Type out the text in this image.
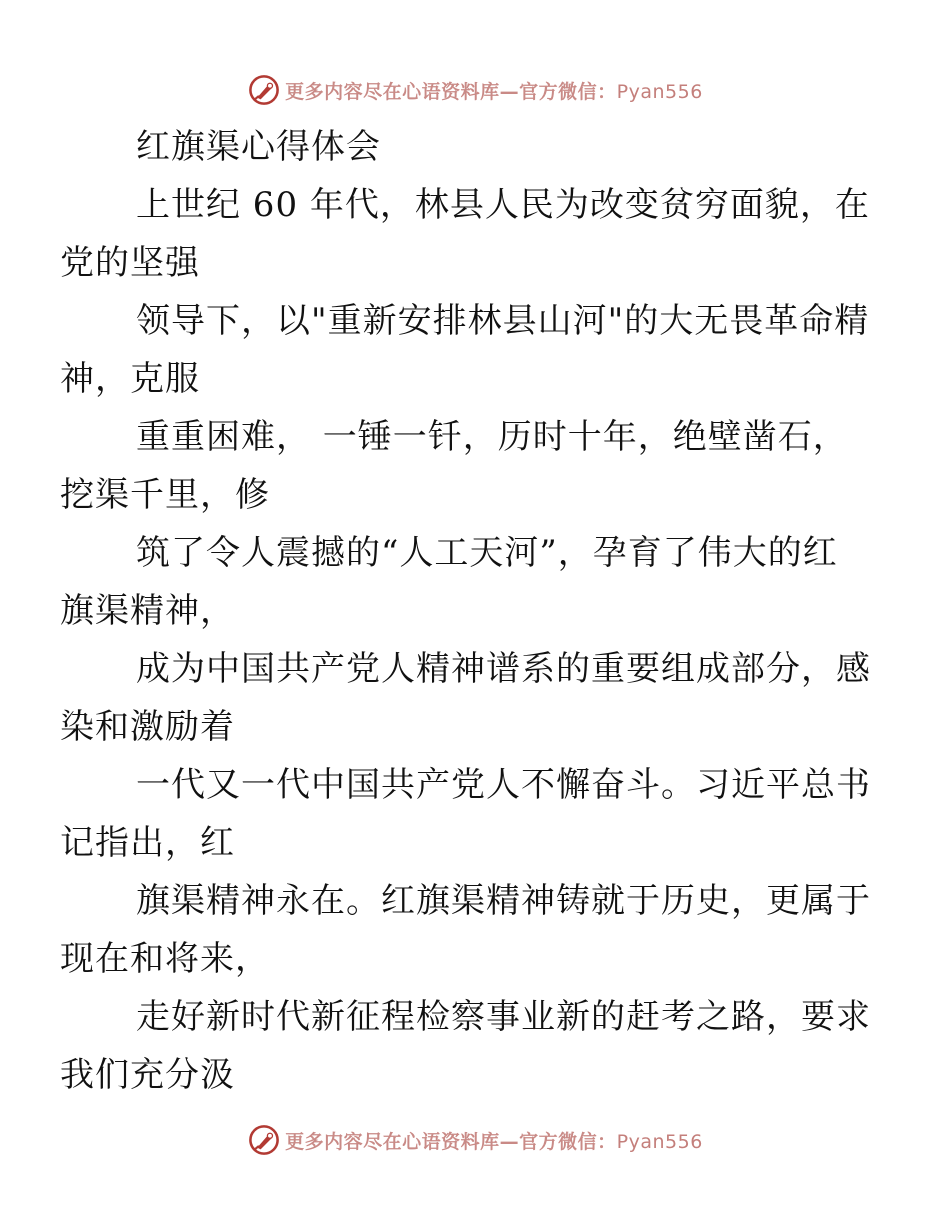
更多内容尽在心语资料库—官方微信：Pyan556

红旗渠心得体会

上世纪 60 年代，林县人民为改变贫穷面貌，在
党的坚强

领导下，以"重新安排林县山河"的大无畏革命精
神，克服

重重困难， 一锤一钎，历时十年，绝壁凿石，
挖渠千里，修

筑了令人震撼的“人工天河”，孕育了伟大的红
旗渠精神，

成为中国共产党人精神谱系的重要组成部分，感
染和激励着

一代又一代中国共产党人不懈奋斗。习近平总书
记指出，红

旗渠精神永在。红旗渠精神铸就于历史，更属于
现在和将来，

走好新时代新征程检察事业新的赶考之路，要求
我们充分汲

更多内容尽在心语资料库—官方微信：Pyan556
